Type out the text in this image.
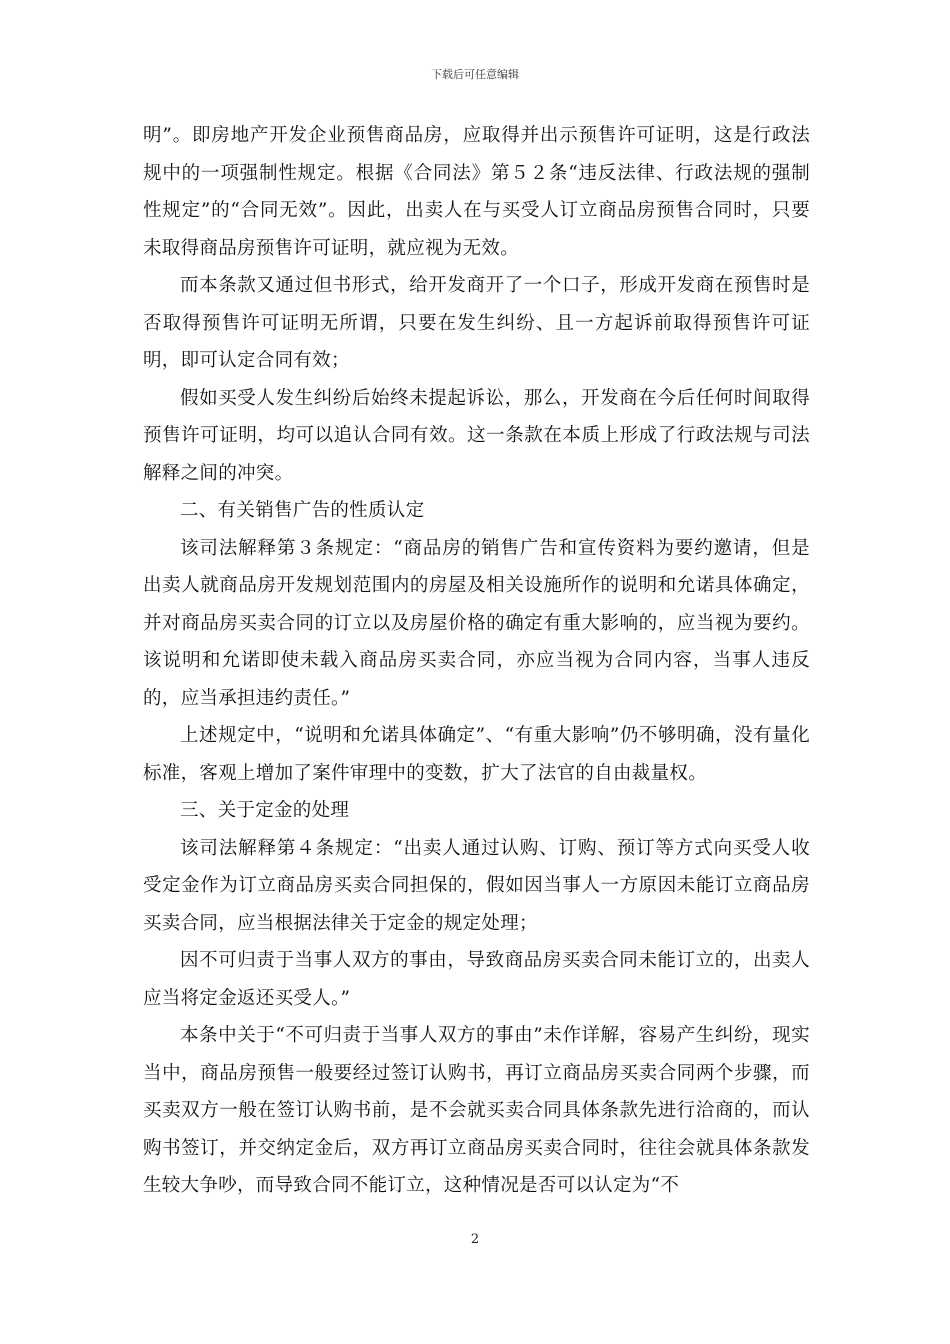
下载后可任意编辑

明”。即房地产开发企业预售商品房，应取得并出示预售许可证明，这是行政法规中的一项强制性规定。根据《合同法》第５２条“违反法律、行政法规的强制性规定”的“合同无效”。因此，出卖人在与买受人订立商品房预售合同时，只要未取得商品房预售许可证明，就应视为无效。

而本条款又通过但书形式，给开发商开了一个口子，形成开发商在预售时是否取得预售许可证明无所谓，只要在发生纠纷、且一方起诉前取得预售许可证明，即可认定合同有效；

假如买受人发生纠纷后始终未提起诉讼，那么，开发商在今后任何时间取得预售许可证明，均可以追认合同有效。这一条款在本质上形成了行政法规与司法解释之间的冲突。

二、有关销售广告的性质认定

该司法解释第３条规定：“商品房的销售广告和宣传资料为要约邀请，但是出卖人就商品房开发规划范围内的房屋及相关设施所作的说明和允诺具体确定，并对商品房买卖合同的订立以及房屋价格的确定有重大影响的，应当视为要约。该说明和允诺即使未载入商品房买卖合同，亦应当视为合同内容，当事人违反的，应当承担违约责任。”

上述规定中，“说明和允诺具体确定”、“有重大影响”仍不够明确，没有量化标准，客观上增加了案件审理中的变数，扩大了法官的自由裁量权。

三、关于定金的处理

该司法解释第４条规定：“出卖人通过认购、订购、预订等方式向买受人收受定金作为订立商品房买卖合同担保的，假如因当事人一方原因未能订立商品房买卖合同，应当根据法律关于定金的规定处理；

因不可归责于当事人双方的事由，导致商品房买卖合同未能订立的，出卖人应当将定金返还买受人。”

本条中关于“不可归责于当事人双方的事由”未作详解，容易产生纠纷，现实当中，商品房预售一般要经过签订认购书，再订立商品房买卖合同两个步骤，而买卖双方一般在签订认购书前，是不会就买卖合同具体条款先进行洽商的，而认购书签订，并交纳定金后，双方再订立商品房买卖合同时，往往会就具体条款发生较大争吵，而导致合同不能订立，这种情况是否可以认定为“不

2
